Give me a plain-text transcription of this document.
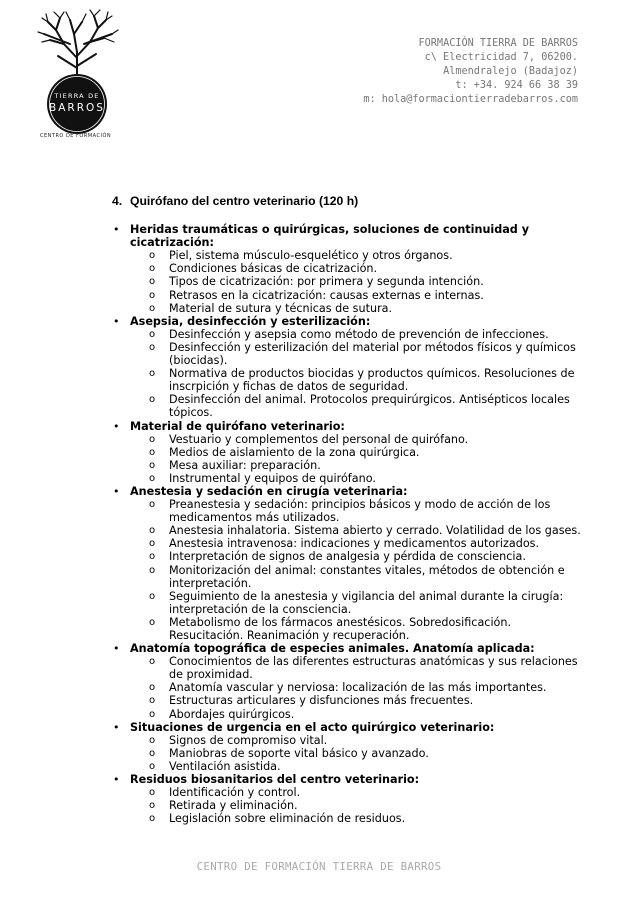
TIERRA DE
BARROS
CENTRO DE FORMACIÓN
FORMACIÓN TIERRA DE BARROS
c\ Electricidad 7, 06200.
Almendralejo (Badajoz)
t: +34. 924 66 38 39
m: hola@formaciontierradebarros.com
4. Quirófano del centro veterinario (120 h)
• Heridas traumáticas o quirúrgicas, soluciones de continuidad y cicatrización:
o Piel, sistema músculo-esquelético y otros órganos.
o Condiciones básicas de cicatrización.
o Tipos de cicatrización: por primera y segunda intención.
o Retrasos en la cicatrización: causas externas e internas.
o Material de sutura y técnicas de sutura.
• Asepsia, desinfección y esterilización:
o Desinfección y asepsia como método de prevención de infecciones.
o Desinfección y esterilización del material por métodos físicos y químicos (biocidas).
o Normativa de productos biocidas y productos químicos. Resoluciones de inscrpición y fichas de datos de seguridad.
o Desinfección del animal. Protocolos prequirúrgicos. Antisépticos locales tópicos.
• Material de quirófano veterinario:
o Vestuario y complementos del personal de quirófano.
o Medios de aislamiento de la zona quirúrgica.
o Mesa auxiliar: preparación.
o Instrumental y equipos de quirófano.
• Anestesia y sedación en cirugía veterinaria:
o Preanestesia y sedación: principios básicos y modo de acción de los medicamentos más utilizados.
o Anestesia inhalatoria. Sistema abierto y cerrado. Volatilidad de los gases.
o Anestesia intravenosa: indicaciones y medicamentos autorizados.
o Interpretación de signos de analgesia y pérdida de consciencia.
o Monitorización del animal: constantes vitales, métodos de obtención e interpretación.
o Seguimiento de la anestesia y vigilancia del animal durante la cirugía: interpretación de la consciencia.
o Metabolismo de los fármacos anestésicos. Sobredosificación. Resucitación. Reanimación y recuperación.
• Anatomía topográfica de especies animales. Anatomía aplicada:
o Conocimientos de las diferentes estructuras anatómicas y sus relaciones de proximidad.
o Anatomía vascular y nerviosa: localización de las más importantes.
o Estructuras articulares y disfunciones más frecuentes.
o Abordajes quirúrgicos.
• Situaciones de urgencia en el acto quirúrgico veterinario:
o Signos de compromiso vital.
o Maniobras de soporte vital básico y avanzado.
o Ventilación asistida.
• Residuos biosanitarios del centro veterinario:
o Identificación y control.
o Retirada y eliminación.
o Legislación sobre eliminación de residuos.
CENTRO DE FORMACIÓN TIERRA DE BARROS
